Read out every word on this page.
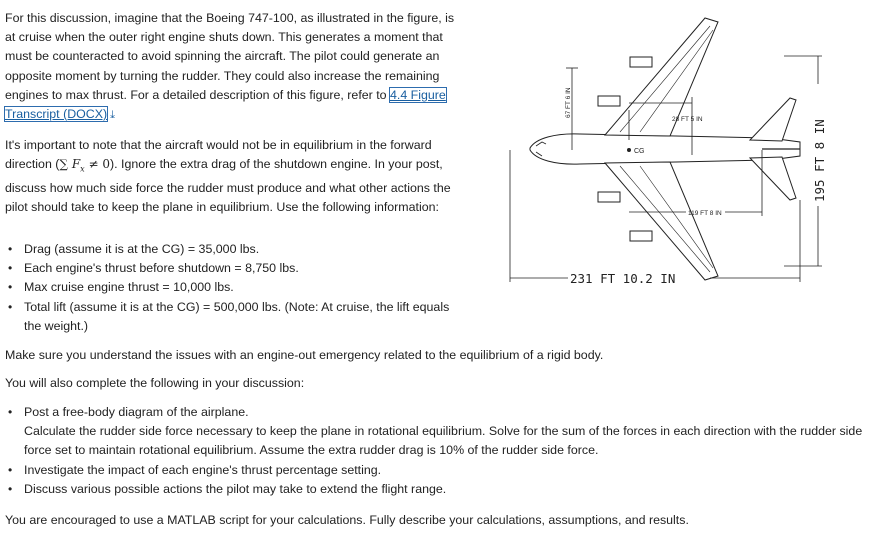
For this discussion, imagine that the Boeing 747-100, as illustrated in the figure, is at cruise when the outer right engine shuts down. This generates a moment that must be counteracted to avoid spinning the aircraft. The pilot could generate an opposite moment by turning the rudder. They could also increase the remaining engines to max thrust. For a detailed description of this figure, refer to 4.4 Figure Transcript (DOCX) ⤓
It's important to note that the aircraft would not be in equilibrium in the forward direction (∑ $F_x \ne 0$). Ignore the extra drag of the shutdown engine. In your post, discuss how much side force the rudder must produce and what other actions the pilot should take to keep the plane in equilibrium. Use the following information:
• Drag (assume it is at the CG) = 35,000 lbs.
• Each engine's thrust before shutdown = 8,750 lbs.
• Max cruise engine thrust = 10,000 lbs.
• Total lift (assume it is at the CG) = 500,000 lbs. (Note: At cruise, the lift equals the weight.)
Make sure you understand the issues with an engine-out emergency related to the equilibrium of a rigid body.
You will also complete the following in your discussion:
• Post a free-body diagram of the airplane.
Calculate the rudder side force necessary to keep the plane in rotational equilibrium. Solve for the sum of the forces in each direction with the rudder side force set to maintain rotational equilibrium. Assume the extra rudder drag is 10% of the rudder side force.
• Investigate the impact of each engine's thrust percentage setting.
• Discuss various possible actions the pilot may take to extend the flight range.
You are encouraged to use a MATLAB script for your calculations. Fully describe your calculations, assumptions, and results.
CG
67 FT 6 IN
28 FT 5 IN
119 FT 8 IN
231 FT 10.2 IN
195 FT 8 IN
